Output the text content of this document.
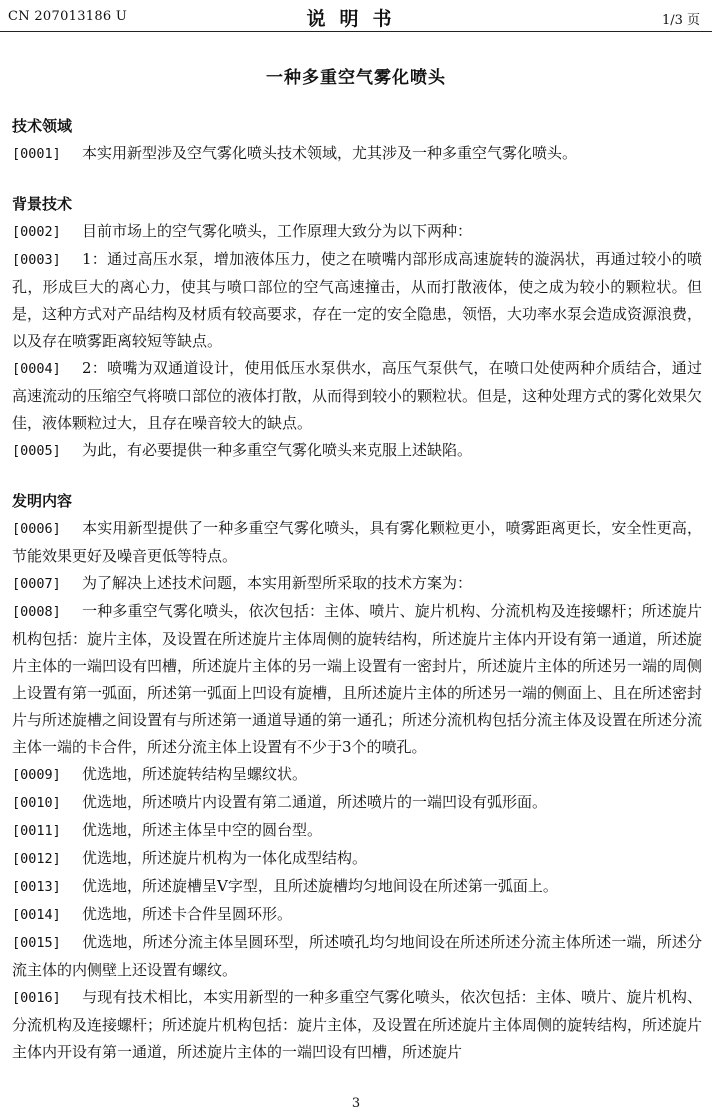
CN 207013186 U	说明书	1/3 页
一种多重空气雾化喷头
技术领域

[0001] 本实用新型涉及空气雾化喷头技术领域，尤其涉及一种多重空气雾化喷头。

背景技术

[0002] 目前市场上的空气雾化喷头，工作原理大致分为以下两种：

[0003] 1：通过高压水泵，增加液体压力，使之在喷嘴内部形成高速旋转的漩涡状，再通过较小的喷孔，形成巨大的离心力，使其与喷口部位的空气高速撞击，从而打散液体，使之成为较小的颗粒状。但是，这种方式对产品结构及材质有较高要求，存在一定的安全隐患，领悟，大功率水泵会造成资源浪费，以及存在喷雾距离较短等缺点。

[0004] 2：喷嘴为双通道设计，使用低压水泵供水，高压气泵供气，在喷口处使两种介质结合，通过高速流动的压缩空气将喷口部位的液体打散，从而得到较小的颗粒状。但是，这种处理方式的雾化效果欠佳，液体颗粒过大，且存在噪音较大的缺点。

[0005] 为此，有必要提供一种多重空气雾化喷头来克服上述缺陷。

发明内容

[0006] 本实用新型提供了一种多重空气雾化喷头，具有雾化颗粒更小，喷雾距离更长，安全性更高，节能效果更好及噪音更低等特点。

[0007] 为了解决上述技术问题，本实用新型所采取的技术方案为：

[0008] 一种多重空气雾化喷头，依次包括：主体、喷片、旋片机构、分流机构及连接螺杆；所述旋片机构包括：旋片主体，及设置在所述旋片主体周侧的旋转结构，所述旋片主体内开设有第一通道，所述旋片主体的一端凹设有凹槽，所述旋片主体的另一端上设置有一密封片，所述旋片主体的所述另一端的周侧上设置有第一弧面，所述第一弧面上凹设有旋槽，且所述旋片主体的所述另一端的侧面上、且在所述密封片与所述旋槽之间设置有与所述第一通道导通的第一通孔；所述分流机构包括分流主体及设置在所述分流主体一端的卡合件，所述分流主体上设置有不少于3个的喷孔。

[0009] 优选地，所述旋转结构呈螺纹状。

[0010] 优选地，所述喷片内设置有第二通道，所述喷片的一端凹设有弧形面。

[0011] 优选地，所述主体呈中空的圆台型。

[0012] 优选地，所述旋片机构为一体化成型结构。

[0013] 优选地，所述旋槽呈V字型，且所述旋槽均匀地间设在所述第一弧面上。

[0014] 优选地，所述卡合件呈圆环形。

[0015] 优选地，所述分流主体呈圆环型，所述喷孔均匀地间设在所述所述分流主体所述一端，所述分流主体的内侧壁上还设置有螺纹。

[0016] 与现有技术相比，本实用新型的一种多重空气雾化喷头，依次包括：主体、喷片、旋片机构、分流机构及连接螺杆；所述旋片机构包括：旋片主体，及设置在所述旋片主体周侧的旋转结构，所述旋片主体内开设有第一通道，所述旋片主体的一端凹设有凹槽，所述旋片

3
